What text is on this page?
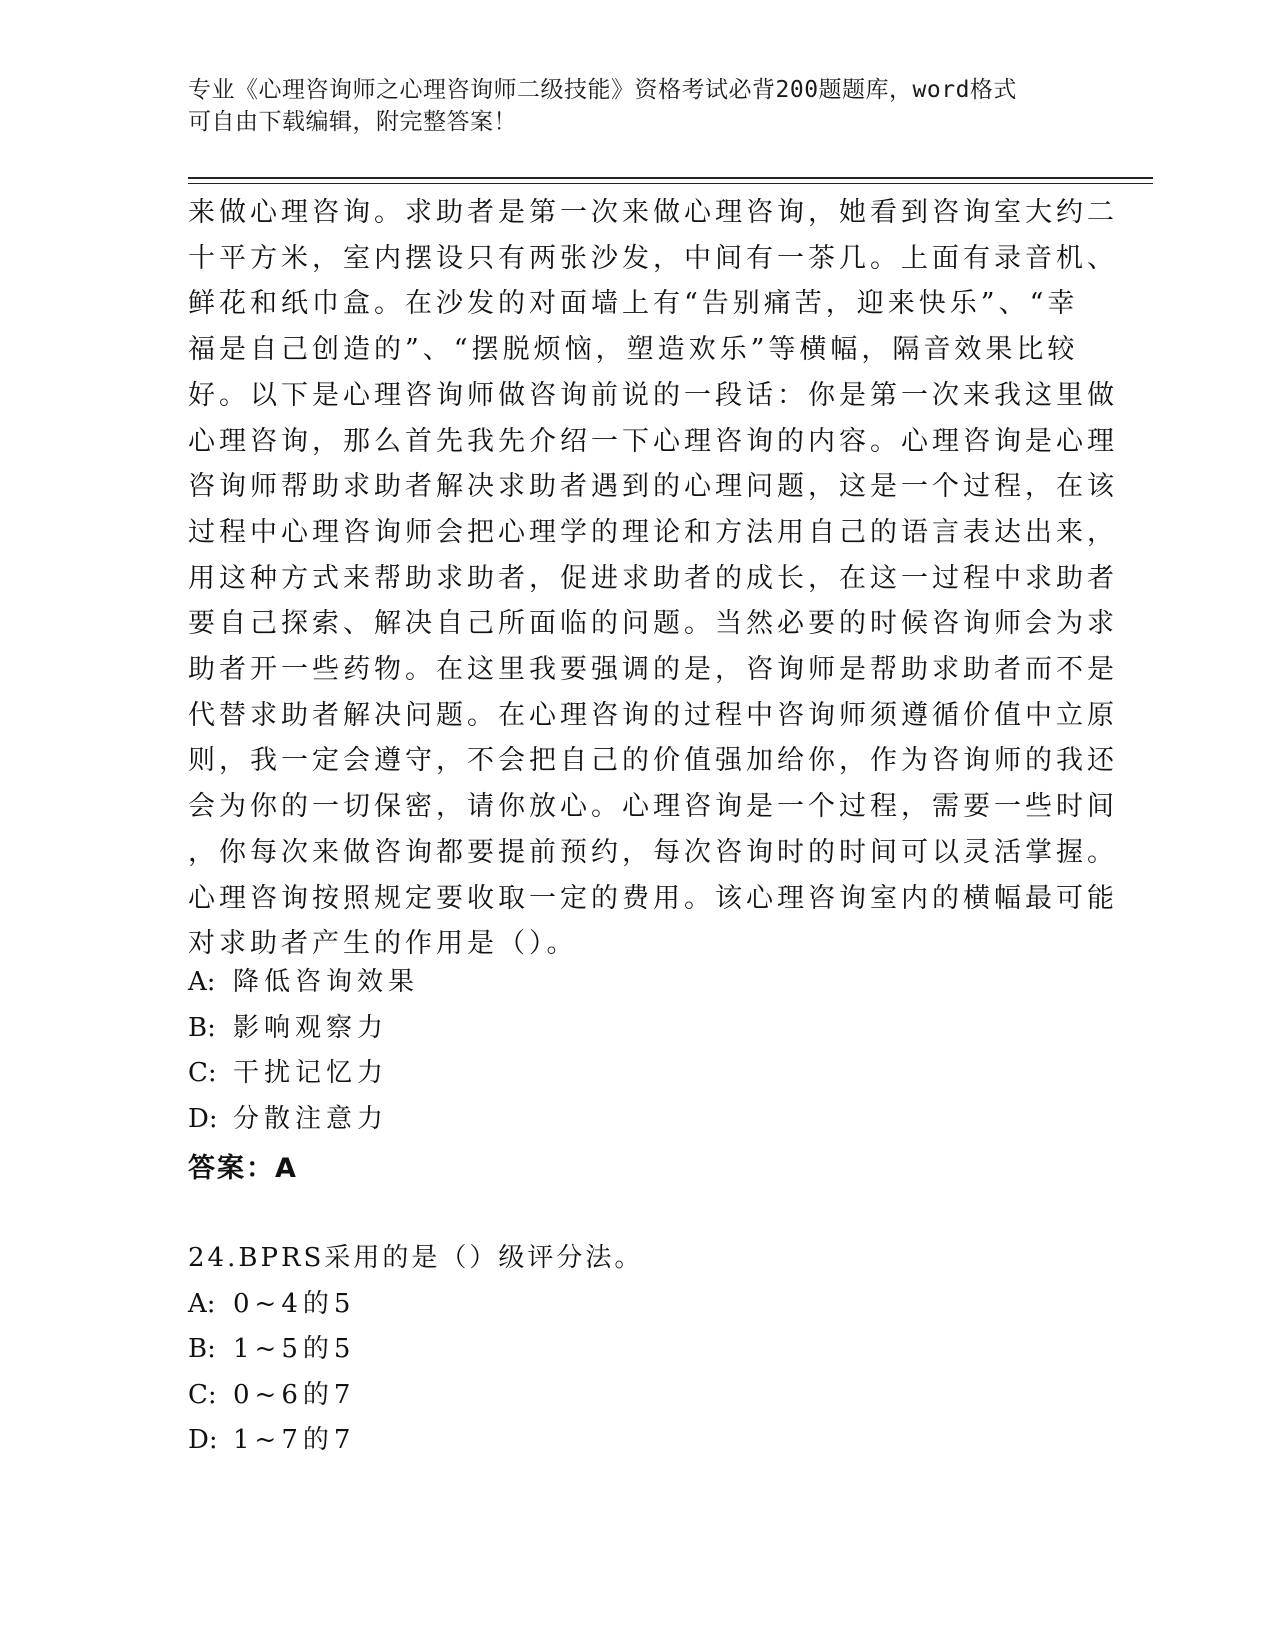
专业《心理咨询师之心理咨询师二级技能》资格考试必背200题题库，word格式
可自由下载编辑，附完整答案！
来做心理咨询。求助者是第一次来做心理咨询，她看到咨询室大约二
十平方米，室内摆设只有两张沙发，中间有一茶几。上面有录音机、
鲜花和纸巾盒。在沙发的对面墙上有“告别痛苦，迎来快乐”、“幸
福是自己创造的”、“摆脱烦恼，塑造欢乐”等横幅，隔音效果比较
好。以下是心理咨询师做咨询前说的一段话：你是第一次来我这里做
心理咨询，那么首先我先介绍一下心理咨询的内容。心理咨询是心理
咨询师帮助求助者解决求助者遇到的心理问题，这是一个过程，在该
过程中心理咨询师会把心理学的理论和方法用自己的语言表达出来，
用这种方式来帮助求助者，促进求助者的成长，在这一过程中求助者
要自己探索、解决自己所面临的问题。当然必要的时候咨询师会为求
助者开一些药物。在这里我要强调的是，咨询师是帮助求助者而不是
代替求助者解决问题。在心理咨询的过程中咨询师须遵循价值中立原
则，我一定会遵守，不会把自己的价值强加给你，作为咨询师的我还
会为你的一切保密，请你放心。心理咨询是一个过程，需要一些时间
，你每次来做咨询都要提前预约，每次咨询时的时间可以灵活掌握。
心理咨询按照规定要收取一定的费用。该心理咨询室内的横幅最可能
对求助者产生的作用是（）。
A: 降低咨询效果
B: 影响观察力
C: 干扰记忆力
D: 分散注意力
答案：A
24.BPRS采用的是（）级评分法。
A: 0~4的5
B: 1~5的5
C: 0~6的7
D: 1~7的7
